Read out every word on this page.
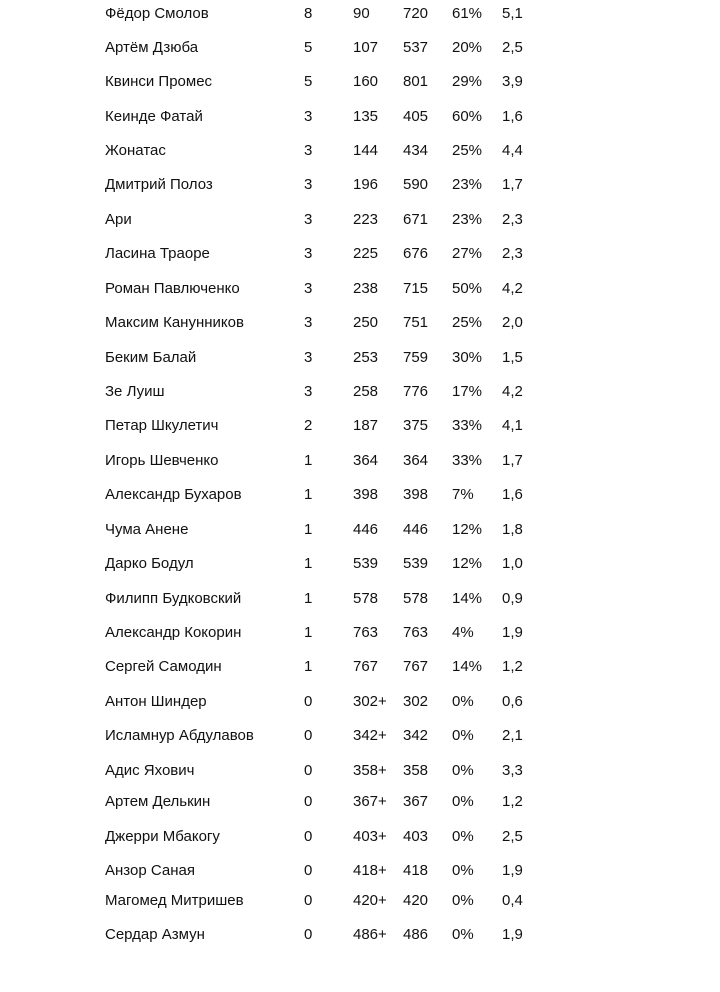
Фёдор Смолов	8	90 720 61% 5,1
Артём Дзюба	5	107 537 20% 2,5
Квинси Промес	5	160 801 29% 3,9
Кеинде Фатай	3	135 405 60% 1,6
Жонатас	3	144 434 25% 4,4
Дмитрий Полоз	3	196 590 23% 1,7
Ари	3	223 671 23% 2,3
Ласина Траоре	3	225 676 27% 2,3
Роман Павлюченко	3	238 715 50% 4,2
Максим Канунников	3	250 751 25% 2,0
Беким Балай	3	253 759 30% 1,5
Зе Луиш	3	258 776 17% 4,2
Петар Шкулетич	2	187 375 33% 4,1
Игорь Шевченко	1	364 364 33% 1,7
Александр Бухаров	1	398 398 7% 1,6
Чума Анене	1	446 446 12% 1,8
Дарко Бодул	1	539 539 12% 1,0
Филипп Будковский	1	578 578 14% 0,9
Александр Кокорин	1	763 763 4% 1,9
Сергей Самодин	1	767 767 14% 1,2
Антон Шиндер	0	302+ 302 0% 0,6
Исламнур Абдулавов	0	342+ 342 0% 2,1
Адис Яхович	0	358+ 358 0% 3,3
Артем Делькин	0	367+ 367 0% 1,2
Джерри Мбакогу	0	403+ 403 0% 2,5
Анзор Саная	0	418+ 418 0% 1,9
Магомед Митришев	0	420+ 420 0% 0,4
Сердар Азмун	0	486+ 486 0% 1,9
